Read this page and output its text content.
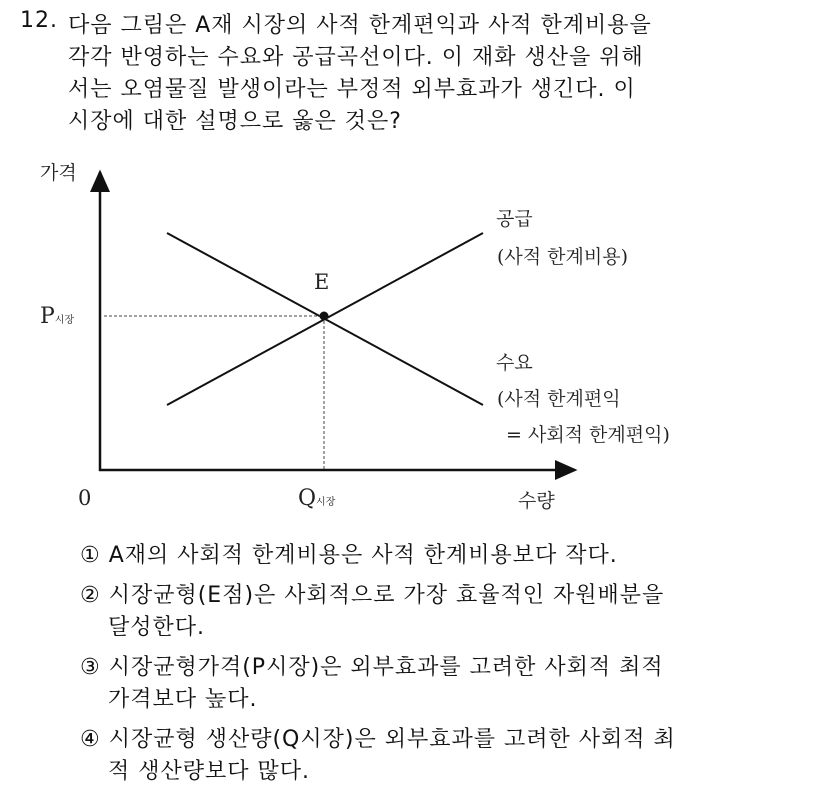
12. 다음 그림은 A재 시장의 사적 한계편익과 사적 한계비용을
각각 반영하는 수요와 공급곡선이다. 이 재화 생산을 위해
서는 오염물질 발생이라는 부정적 외부효과가 생긴다. 이
시장에 대한 설명으로 옳은 것은?
가격
P시장
E
공급
(사적 한계비용)
수요
(사적 한계편익
= 사회적 한계편익)
0	Q시장	수량
① A재의 사회적 한계비용은 사적 한계비용보다 작다.
② 시장균형(E점)은 사회적으로 가장 효율적인 자원배분을
달성한다.
③ 시장균형가격(P시장)은 외부효과를 고려한 사회적 최적
가격보다 높다.
④ 시장균형 생산량(Q시장)은 외부효과를 고려한 사회적 최
적 생산량보다 많다.
